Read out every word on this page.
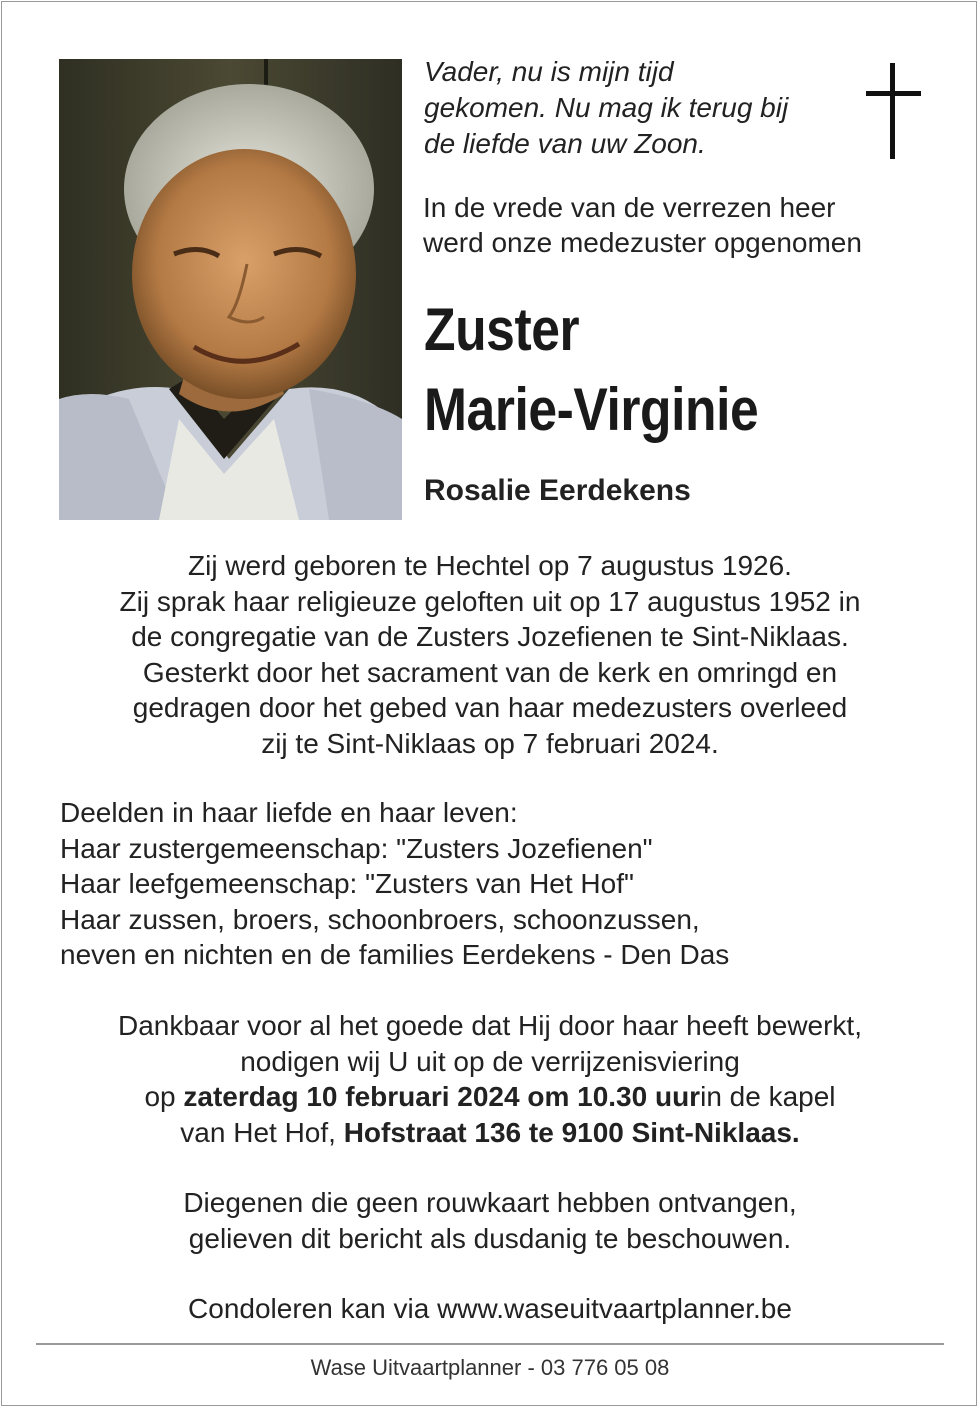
Vader, nu is mijn tijd
gekomen. Nu mag ik terug bij
de liefde van uw Zoon.
In de vrede van de verrezen heer
werd onze medezuster opgenomen
Zuster
Marie-Virginie
Rosalie Eerdekens
Zij werd geboren te Hechtel op 7 augustus 1926.
Zij sprak haar religieuze geloften uit op 17 augustus 1952 in
de congregatie van de Zusters Jozefienen te Sint-Niklaas.
Gesterkt door het sacrament van de kerk en omringd en
gedragen door het gebed van haar medezusters overleed
zij te Sint-Niklaas op 7 februari 2024.
Deelden in haar liefde en haar leven:
Haar zustergemeenschap: "Zusters Jozefienen"
Haar leefgemeenschap: "Zusters van Het Hof"
Haar zussen, broers, schoonbroers, schoonzussen,
neven en nichten en de families Eerdekens - Den Das
Dankbaar voor al het goede dat Hij door haar heeft bewerkt,
nodigen wij U uit op de verrijzenisviering
op zaterdag 10 februari 2024 om 10.30 uurin de kapel
van Het Hof, Hofstraat 136 te 9100 Sint-Niklaas.
Diegenen die geen rouwkaart hebben ontvangen,
gelieven dit bericht als dusdanig te beschouwen.
Condoleren kan via www.waseuitvaartplanner.be
Wase Uitvaartplanner - 03 776 05 08
